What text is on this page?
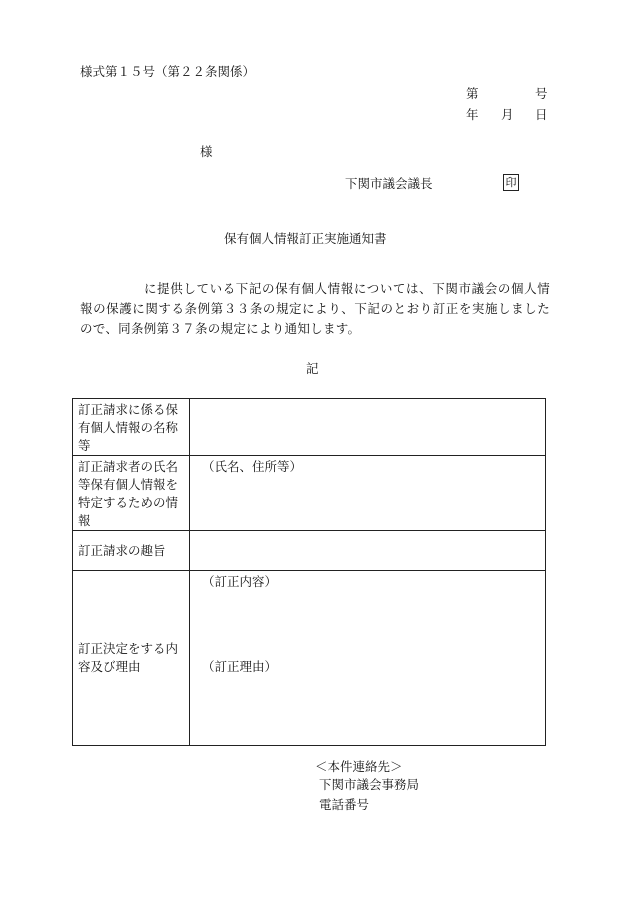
様式第１５号（第２２条関係）
第	号
年 月 日
様
下関市議会議長	印
保有個人情報訂正実施通知書
に提供している下記の保有個人情報については、下関市議会の個人情報の保護に関する条例第３３条の規定により、下記のとおり訂正を実施しましたので、同条例第３７条の規定により通知します。
記
訂正請求に係る保有個人情報の名称等	
訂正請求者の氏名等保有個人情報を特定するための情報	（氏名、住所等）
訂正請求の趣旨	
訂正決定をする内容及び理由	（訂正内容）
（訂正理由）
＜本件連絡先＞
下関市議会事務局
電話番号
